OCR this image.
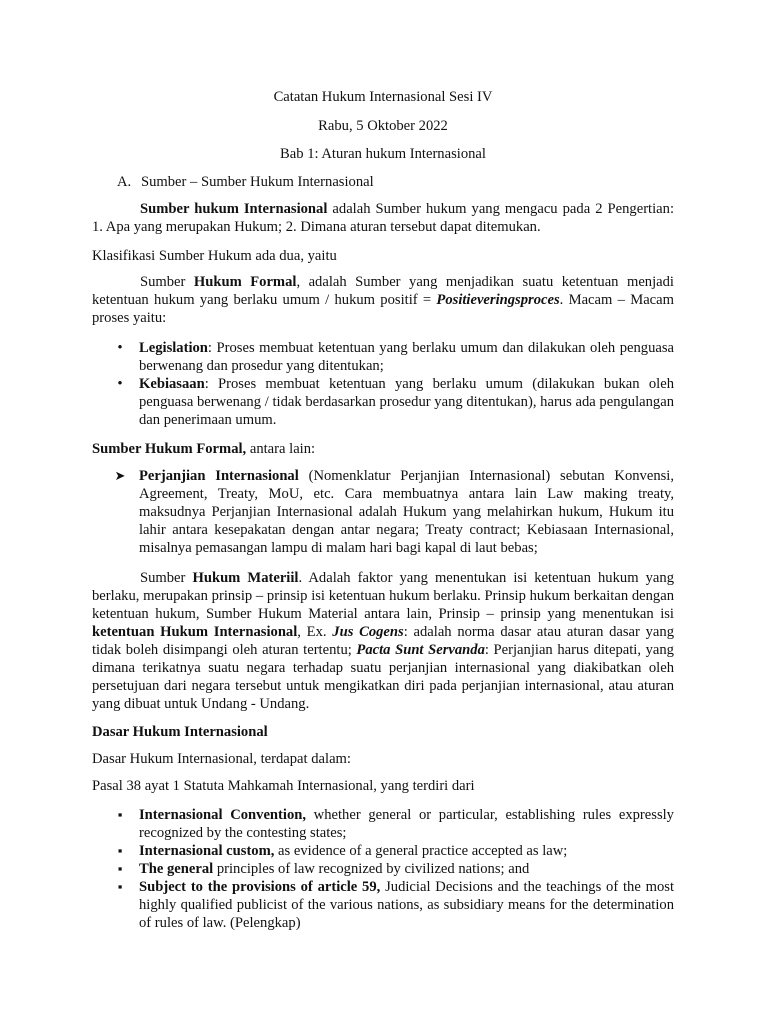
Catatan Hukum Internasional Sesi IV

Rabu, 5 Oktober 2022

Bab 1: Aturan hukum Internasional

A. Sumber – Sumber Hukum Internasional

Sumber hukum Internasional adalah Sumber hukum yang mengacu pada 2 Pengertian: 1. Apa yang merupakan Hukum; 2. Dimana aturan tersebut dapat ditemukan.

Klasifikasi Sumber Hukum ada dua, yaitu

Sumber Hukum Formal, adalah Sumber yang menjadikan suatu ketentuan menjadi ketentuan hukum yang berlaku umum / hukum positif = Positieveringsproces. Macam – Macam proses yaitu:

•
Legislation: Proses membuat ketentuan yang berlaku umum dan dilakukan oleh penguasa berwenang dan prosedur yang ditentukan;
•
Kebiasaan: Proses membuat ketentuan yang berlaku umum (dilakukan bukan oleh penguasa berwenang / tidak berdasarkan prosedur yang ditentukan), harus ada pengulangan dan penerimaan umum.

Sumber Hukum Formal, antara lain:

➤ Perjanjian Internasional (Nomenklatur Perjanjian Internasional) sebutan Konvensi, Agreement, Treaty, MoU, etc. Cara membuatnya antara lain Law making treaty, maksudnya Perjanjian Internasional adalah Hukum yang melahirkan hukum, Hukum itu lahir antara kesepakatan dengan antar negara; Treaty contract; Kebiasaan Internasional, misalnya pemasangan lampu di malam hari bagi kapal di laut bebas;

Sumber Hukum Materiil. Adalah faktor yang menentukan isi ketentuan hukum yang berlaku, merupakan prinsip – prinsip isi ketentuan hukum berlaku. Prinsip hukum berkaitan dengan ketentuan hukum, Sumber Hukum Material antara lain, Prinsip – prinsip yang menentukan isi ketentuan Hukum Internasional, Ex. Jus Cogens: adalah norma dasar atau aturan dasar yang tidak boleh disimpangi oleh aturan tertentu; Pacta Sunt Servanda: Perjanjian harus ditepati, yang dimana terikatnya suatu negara terhadap suatu perjanjian internasional yang diakibatkan oleh persetujuan dari negara tersebut untuk mengikatkan diri pada perjanjian internasional, atau aturan yang dibuat untuk Undang - Undang.

Dasar Hukum Internasional

Dasar Hukum Internasional, terdapat dalam:

Pasal 38 ayat 1 Statuta Mahkamah Internasional, yang terdiri dari

▪
Internasional Convention, whether general or particular, establishing rules expressly recognized by the contesting states;
▪
Internasional custom, as evidence of a general practice accepted as law;
▪
The general principles of law recognized by civilized nations; and
▪
Subject to the provisions of article 59, Judicial Decisions and the teachings of the most highly qualified publicist of the various nations, as subsidiary means for the determination of rules of law. (Pelengkap)
